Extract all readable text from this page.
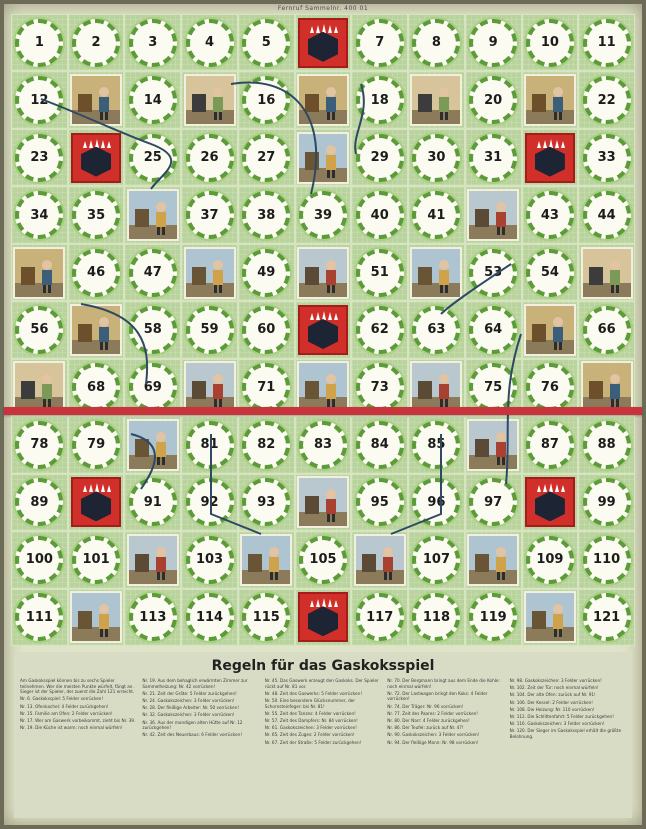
Fernruf Sammelnr. 400 01
1	2	3	4	5	7	8	9	10	11
12	14	16	18	20	22
23	25	26	27	29	30	31	33
34	35	37	38	39	40	41	43	44
46	47	49	51	53	54
56	58	59	60	62	63	64	66
68	69	71	73	75	76
78	79	81	82	83	84	85	87	88
89	91	92	93	95	96	97	99
100	101	103	105	107	109	110
111	113	114	115	117	118	119	121
Regeln für das Gaskoksspiel
Am Gaskoksspiel können bis zu sechs Spieler teilnehmen. Wer die meisten Punkte würfelt, fängt an. Sieger ist der Spieler, der zuerst die Zahl 121 erreicht.
Nr. 6. Gaskoksspiel: 5 Felder vorrücken!
Nr. 13. Ofenkachel: 4 Felder zurückgehen!
Nr. 15. Familie am Ofen: 2 Felder vorrücken!
Nr. 17. Wer am Gaswerk vorbeikommt, zieht bis Nr. 39.
Nr. 19. Die Küche ist warm: noch einmal würfeln!
Nr. 19. Aus dem behaglich erwärmten Zimmer zur Sammelheizung: Nr. 42 vorrücken!
Nr. 21. Zeit der Gräte: 5 Felder zurückgehen!
Nr. 24. Gaskokszeichen: 3 Felder vorrücken!
Nr. 28. Der fleißige Arbeiter: Nr. 50 vorrücken!
Nr. 32. Gaskokszeichen: 3 Felder vorrücken!
Nr. 36. Aus der mondigen alten Hütte auf Nr. 12 zurückgehen!
Nr. 42. Zeit des Neuerbaus: 6 Felder vorrücken!
Nr. 45. Das Gaswerk erzeugt den Gaskoks. Der Spieler rückt auf Nr. 81 vor.
Nr. 48. Zeit des Gaswerks: 5 Felder vorrücken!
Nr. 50. Eine besondere Glücksnummer, der Schornsteinfeger: bis Nr. 81!
Nr. 55. Zeit des Tanzes: 4 Felder vorrücken!
Nr. 57. Zeit des Dampfers: Nr. 84 vorrücken!
Nr. 61. Gaskokszeichen: 3 Felder vorrücken!
Nr. 65. Zeit des Zuges: 2 Felder vorrücken!
Nr. 67. Zeit der Straße: 5 Felder zurückgehen!
Nr. 70. Der Bergmann bringt aus dem Ende die Kohle: noch einmal würfeln!
Nr. 72. Der Lastwagen bringt den Koks: 4 Felder vorrücken!
Nr. 74. Der Träger: Nr. 96 vorrücken!
Nr. 77. Zeit des Paares: 2 Felder vorrücken!
Nr. 80. Der Narr: 4 Felder zurückgehen!
Nr. 86. Der Teufel: zurück auf Nr. 47!
Nr. 90. Gaskokszeichen: 3 Felder vorrücken!
Nr. 94. Der fleißige Mann: Nr. 98 vorrücken!
Nr. 98. Gaskokszeichen: 3 Felder vorrücken!
Nr. 102. Zeit der Tür: noch einmal würfeln!
Nr. 104. Der alte Ofen: zurück auf Nr. 91!
Nr. 106. Der Kessel: 2 Felder vorrücken!
Nr. 108. Die Heizung: Nr. 110 vorrücken!
Nr. 112. Die Schlittenfahrt: 5 Felder zurückgehen!
Nr. 116. Gaskokszeichen: 3 Felder vorrücken!
Nr. 120. Der Sieger im Gaskoksspiel erhält die größte Belohnung.
